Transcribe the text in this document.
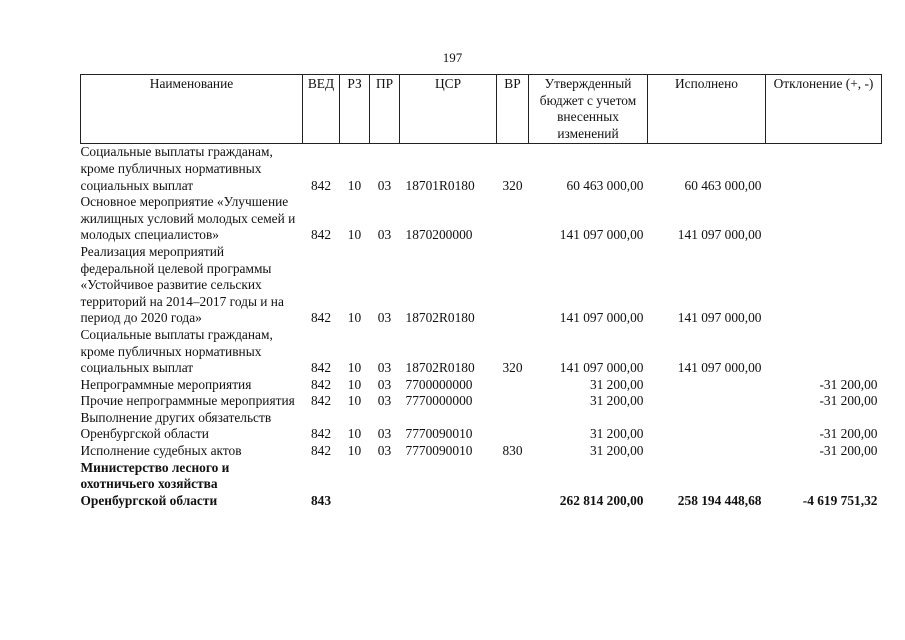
197
Наименование	ВЕД	РЗ	ПР	ЦСР	ВР	Утвержденный бюджет с учетом внесенных изменений	Исполнено	Отклонение (+, -)
Социальные выплаты гражданам, кроме публичных нормативных социальных выплат	842	10	03	18701R0180	320	60 463 000,00	60 463 000,00	
Основное мероприятие «Улучшение жилищных условий молодых семей и молодых специалистов»	842	10	03	1870200000		141 097 000,00	141 097 000,00	
Реализация мероприятий федеральной целевой программы «Устойчивое развитие сельских территорий на 2014–2017 годы и на период до 2020 года»	842	10	03	18702R0180		141 097 000,00	141 097 000,00	
Социальные выплаты гражданам, кроме публичных нормативных социальных выплат	842	10	03	18702R0180	320	141 097 000,00	141 097 000,00	
Непрограммные мероприятия	842	10	03	7700000000		31 200,00		-31 200,00
Прочие непрограммные мероприятия	842	10	03	7770000000		31 200,00		-31 200,00
Выполнение других обязательств Оренбургской области	842	10	03	7770090010		31 200,00		-31 200,00
Исполнение судебных актов	842	10	03	7770090010	830	31 200,00		-31 200,00
Министерство лесного и охотничьего хозяйства Оренбургской области	843					262 814 200,00	258 194 448,68	-4 619 751,32
